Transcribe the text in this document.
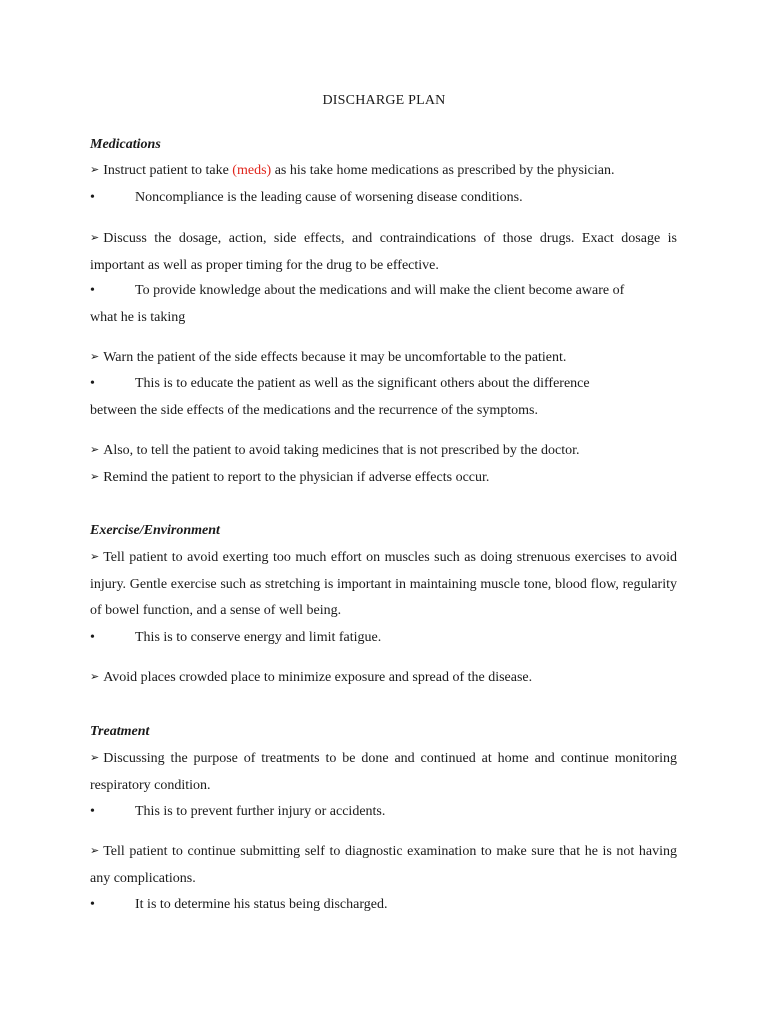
DISCHARGE PLAN
Medications
➢ Instruct patient to take (meds) as his take home medications as prescribed by the physician.
•	Noncompliance is the leading cause of worsening disease conditions.
➢ Discuss the dosage, action, side effects, and contraindications of those drugs. Exact dosage is important as well as proper timing for the drug to be effective.
•	To provide knowledge about the medications and will make the client become aware of
what he is taking
➢ Warn the patient of the side effects because it may be uncomfortable to the patient.
•	This is to educate the patient as well as the significant others about the difference
between the side effects of the medications and the recurrence of the symptoms.
➢ Also, to tell the patient to avoid taking medicines that is not prescribed by the doctor.
➢ Remind the patient to report to the physician if adverse effects occur.
Exercise/Environment
➢ Tell patient to avoid exerting too much effort on muscles such as doing strenuous exercises to avoid injury. Gentle exercise such as stretching is important in maintaining muscle tone, blood flow, regularity of bowel function, and a sense of well being.
•	This is to conserve energy and limit fatigue.
➢ Avoid places crowded place to minimize exposure and spread of the disease.
Treatment
➢ Discussing the purpose of treatments to be done and continued at home and continue monitoring respiratory condition.
•	This is to prevent further injury or accidents.
➢ Tell patient to continue submitting self to diagnostic examination to make sure that he is not having any complications.
•	It is to determine his status being discharged.
